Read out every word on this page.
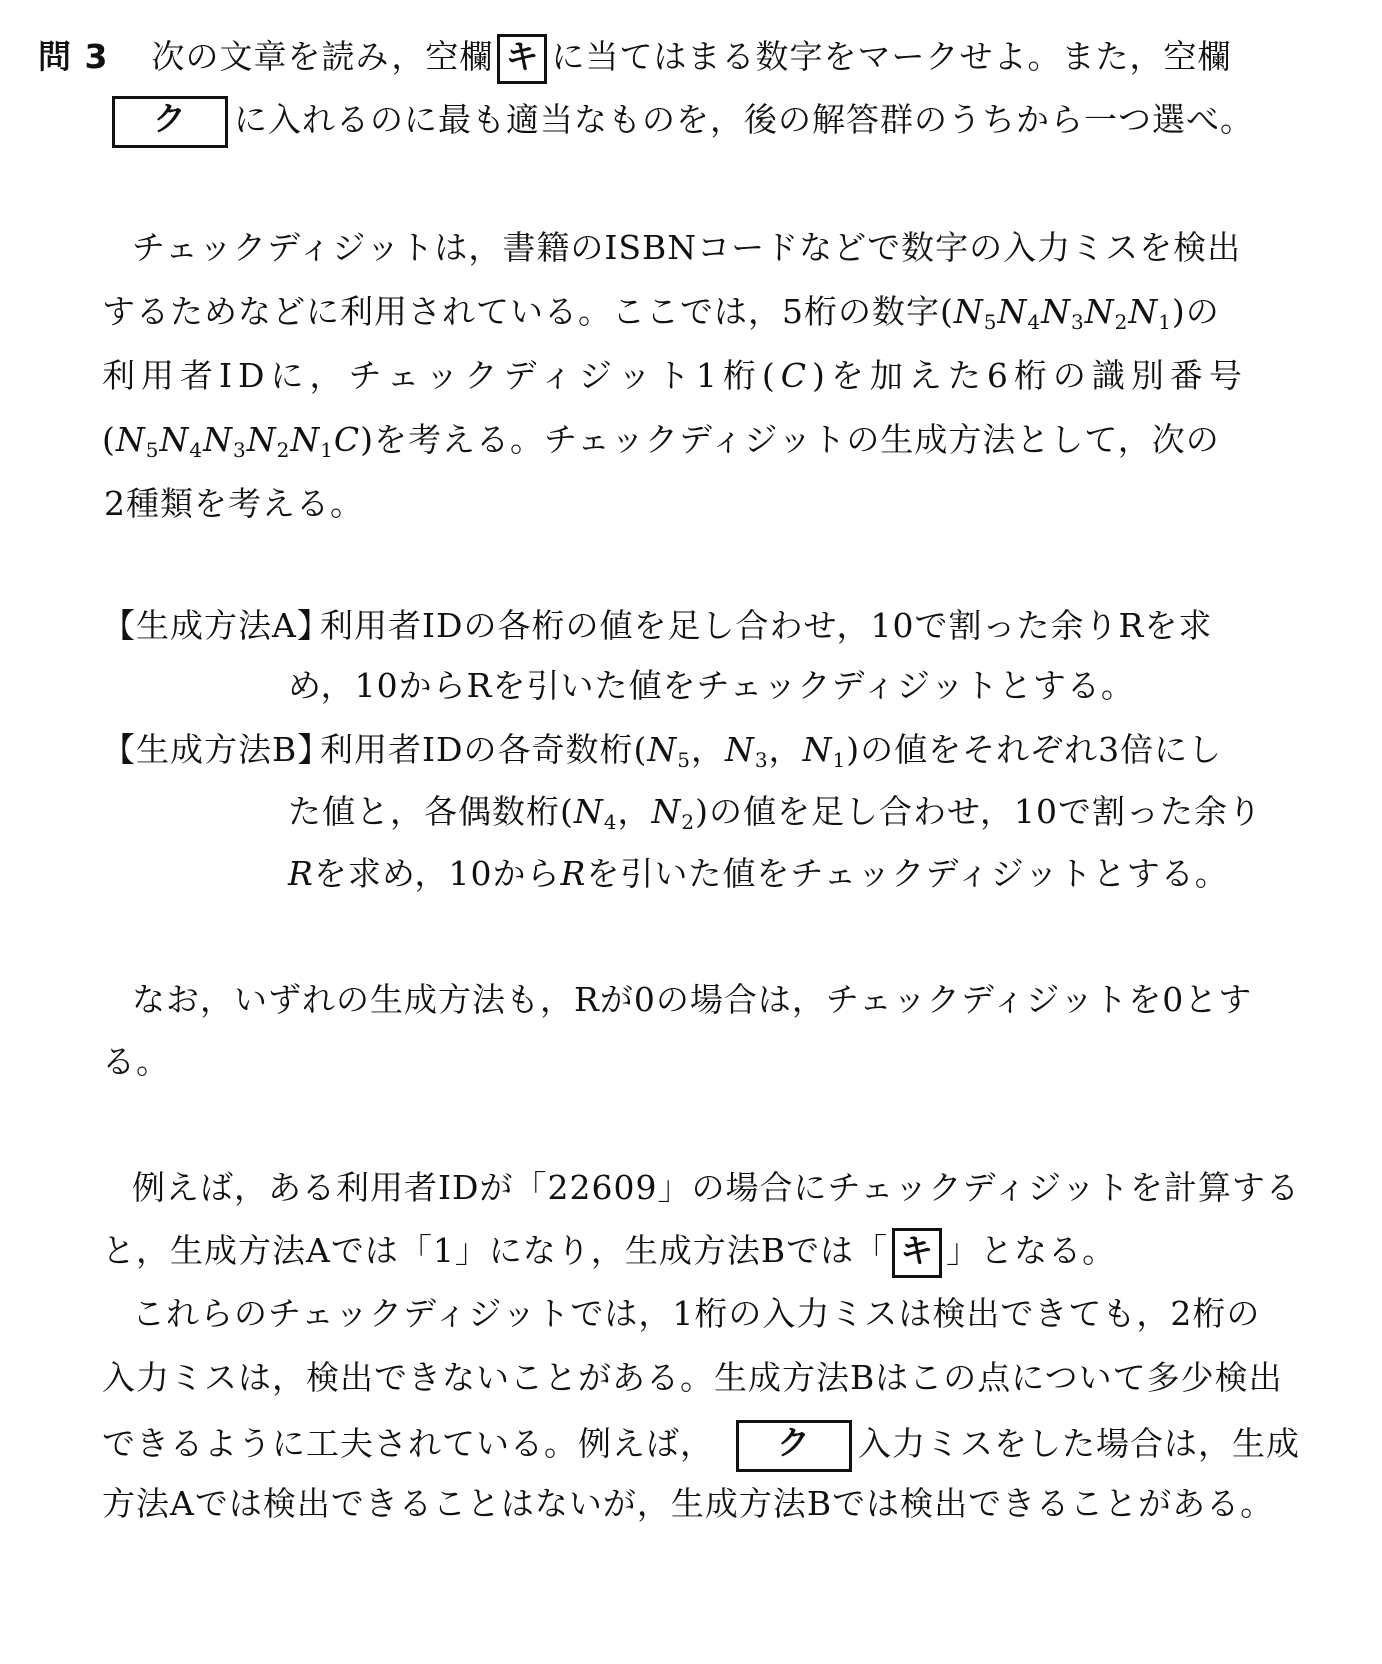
問 3 次の文章を読み，空欄 キ に当てはまる数字をマークせよ。また，空欄
ク に入れるのに最も適当なものを，後の解答群のうちから一つ選べ。
チェックディジットは，書籍のISBNコードなどで数字の入力ミスを検出
するためなどに利用されている。ここでは，5桁の数字$(N_5N_4N_3N_2N_1)$の
利用者IDに，チェックディジット1桁(C)を加えた6桁の識別番号
$(N_5N_4N_3N_2N_1C)$を考える。チェックディジットの生成方法として，次の
2種類を考える。
【生成方法A】
利用者IDの各桁の値を足し合わせ，10で割った余りRを求
め，10からRを引いた値をチェックディジットとする。
【生成方法B】
利用者IDの各奇数桁($N_5$，$N_3$，$N_1$)の値をそれぞれ3倍にし
た値と，各偶数桁($N_4$，$N_2$)の値を足し合わせ，10で割った余り
Rを求め，10からRを引いた値をチェックディジットとする。
なお，いずれの生成方法も，Rが0の場合は，チェックディジットを0とす
る。
例えば，ある利用者IDが「22609」の場合にチェックディジットを計算する
と，生成方法Aでは「1」になり，生成方法Bでは「 キ 」となる。
これらのチェックディジットでは，1桁の入力ミスは検出できても，2桁の
入力ミスは，検出できないことがある。生成方法Bはこの点について多少検出
できるように工夫されている。例えば， ク 入力ミスをした場合は，生成
方法Aでは検出できることはないが，生成方法Bでは検出できることがある。
